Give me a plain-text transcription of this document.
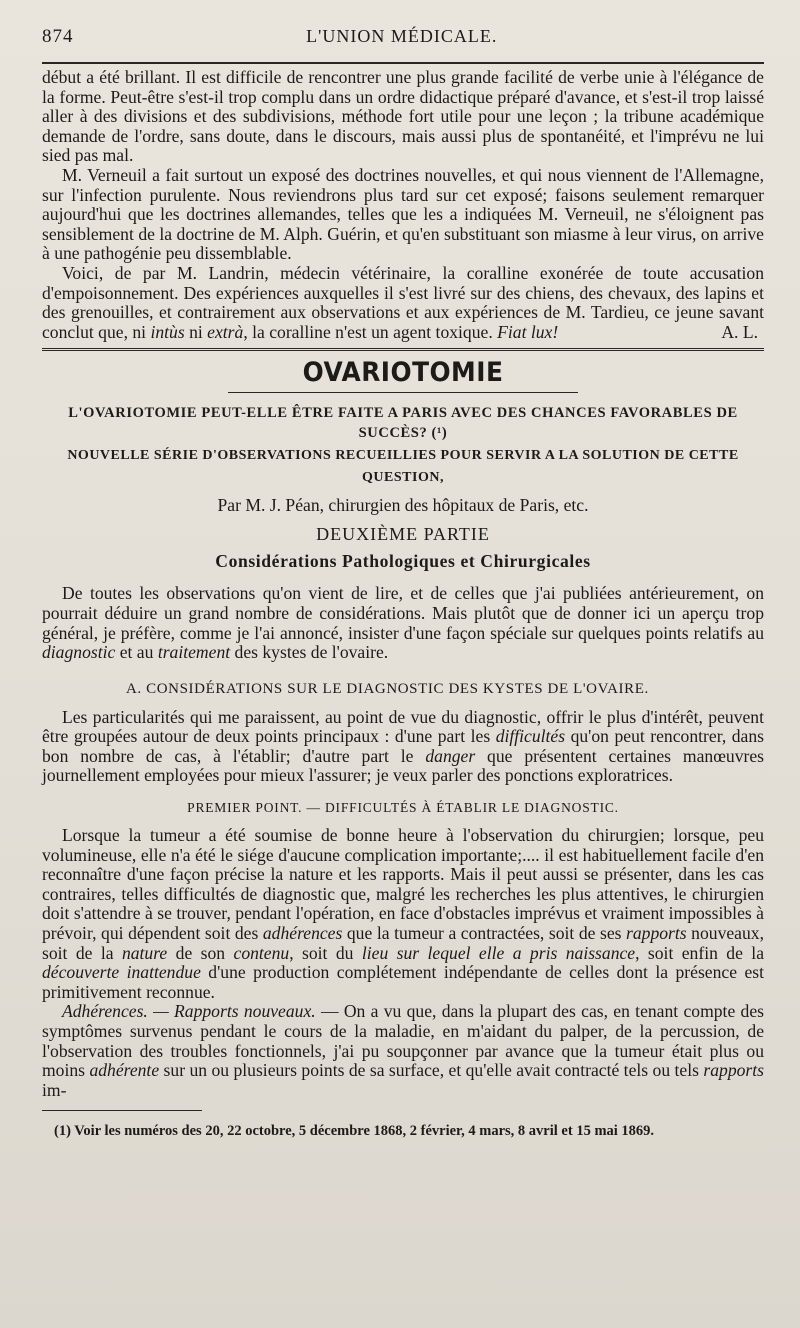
874	L'UNION MÉDICALE.

début a été brillant. Il est difficile de rencontrer une plus grande facilité de verbe unie à l'élégance de la forme. Peut-être s'est-il trop complu dans un ordre didactique préparé d'avance, et s'est-il trop laissé aller à des divisions et des subdivisions, méthode fort utile pour une leçon ; la tribune académique demande de l'ordre, sans doute, dans le discours, mais aussi plus de spontanéité, et l'imprévu ne lui sied pas mal.

M. Verneuil a fait surtout un exposé des doctrines nouvelles, et qui nous viennent de l'Allemagne, sur l'infection purulente. Nous reviendrons plus tard sur cet exposé; faisons seulement remarquer aujourd'hui que les doctrines allemandes, telles que les a indiquées M. Verneuil, ne s'éloignent pas sensiblement de la doctrine de M. Alph. Guérin, et qu'en substituant son miasme à leur virus, on arrive à une pathogénie peu dissemblable.

Voici, de par M. Landrin, médecin vétérinaire, la coralline exonérée de toute accusation d'empoisonnement. Des expériences auxquelles il s'est livré sur des chiens, des chevaux, des lapins et des grenouilles, et contrairement aux observations et aux expériences de M. Tardieu, ce jeune savant conclut que, ni intùs ni extrà, la coralline n'est un agent toxique. Fiat lux!	A. L.

OVARIOTOMIE

L'OVARIOTOMIE PEUT-ELLE ÊTRE FAITE A PARIS AVEC DES CHANCES FAVORABLES DE SUCCÈS? (¹)

NOUVELLE SÉRIE D'OBSERVATIONS RECUEILLIES POUR SERVIR A LA SOLUTION DE CETTE QUESTION,

Par M. J. Péan, chirurgien des hôpitaux de Paris, etc.

DEUXIÈME PARTIE

Considérations Pathologiques et Chirurgicales

De toutes les observations qu'on vient de lire, et de celles que j'ai publiées antérieurement, on pourrait déduire un grand nombre de considérations. Mais plutôt que de donner ici un aperçu trop général, je préfère, comme je l'ai annoncé, insister d'une façon spéciale sur quelques points relatifs au diagnostic et au traitement des kystes de l'ovaire.

A. CONSIDÉRATIONS SUR LE DIAGNOSTIC DES KYSTES DE L'OVAIRE.

Les particularités qui me paraissent, au point de vue du diagnostic, offrir le plus d'intérêt, peuvent être groupées autour de deux points principaux : d'une part les difficultés qu'on peut rencontrer, dans bon nombre de cas, à l'établir; d'autre part le danger que présentent certaines manœuvres journellement employées pour mieux l'assurer; je veux parler des ponctions exploratrices.

PREMIER POINT. — DIFFICULTÉS À ÉTABLIR LE DIAGNOSTIC.

Lorsque la tumeur a été soumise de bonne heure à l'observation du chirurgien; lorsque, peu volumineuse, elle n'a été le siége d'aucune complication importante;.... il est habituellement facile d'en reconnaître d'une façon précise la nature et les rapports. Mais il peut aussi se présenter, dans les cas contraires, telles difficultés de diagnostic que, malgré les recherches les plus attentives, le chirurgien doit s'attendre à se trouver, pendant l'opération, en face d'obstacles imprévus et vraiment impossibles à prévoir, qui dépendent soit des adhérences que la tumeur a contractées, soit de ses rapports nouveaux, soit de la nature de son contenu, soit du lieu sur lequel elle a pris naissance, soit enfin de la découverte inattendue d'une production complétement indépendante de celles dont la présence est primitivement reconnue.

Adhérences. — Rapports nouveaux. — On a vu que, dans la plupart des cas, en tenant compte des symptômes survenus pendant le cours de la maladie, en m'aidant du palper, de la percussion, de l'observation des troubles fonctionnels, j'ai pu soupçonner par avance que la tumeur était plus ou moins adhérente sur un ou plusieurs points de sa surface, et qu'elle avait contracté tels ou tels rapports im-

(1) Voir les numéros des 20, 22 octobre, 5 décembre 1868, 2 février, 4 mars, 8 avril et 15 mai 1869.
